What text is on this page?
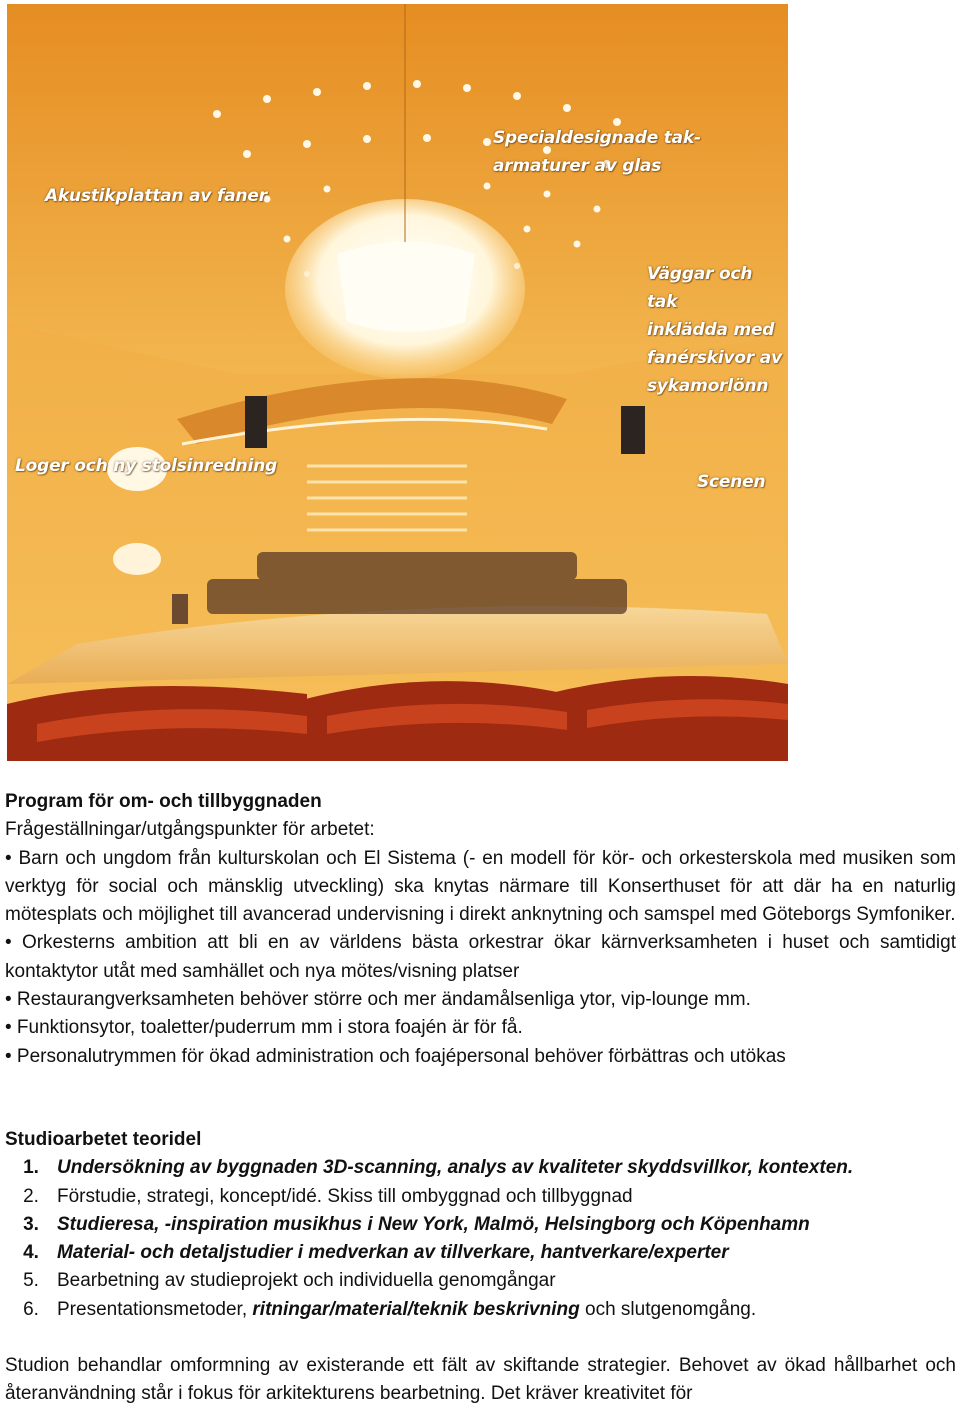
Specialdesignade tak-
armaturer av glas
Akustikplattan av faner
Väggar och tak
inklädda med
fanérskivor av
sykamorlönn
Loger och ny stolsinredning
Scenen
Program för om- och tillbyggnaden
Frågeställningar/utgångspunkter för arbetet:
• Barn och ungdom från kulturskolan och El Sistema (- en modell för kör- och orkesterskola med musiken som verktyg för social och mänsklig utveckling) ska knytas närmare till Konserthuset för att där ha en naturlig mötesplats och möjlighet till avancerad undervisning i direkt anknytning och samspel med Göteborgs Symfoniker.
• Orkesterns ambition att bli en av världens bästa orkestrar ökar kärnverksamheten i huset och samtidigt kontaktytor utåt med samhället och nya mötes/visning platser
• Restaurangverksamheten behöver större och mer ändamålsenliga ytor, vip-lounge mm.
• Funktionsytor, toaletter/puderrum mm i stora foajén är för få.
• Personalutrymmen för ökad administration och foajépersonal behöver förbättras och utökas
Studioarbetet teoridel
1. Undersökning av byggnaden 3D-scanning, analys av kvaliteter skyddsvillkor, kontexten.
2. Förstudie, strategi, koncept/idé. Skiss till ombyggnad och tillbyggnad
3. Studieresa, -inspiration musikhus i New York, Malmö, Helsingborg och Köpenhamn
4. Material- och detaljstudier i medverkan av tillverkare, hantverkare/experter
5. Bearbetning av studieprojekt och individuella genomgångar
6. Presentationsmetoder, ritningar/material/teknik beskrivning och slutgenomgång.
Studion behandlar omformning av existerande ett fält av skiftande strategier. Behovet av ökad hållbarhet och återanvändning står i fokus för arkitekturens bearbetning. Det kräver kreativitet för
